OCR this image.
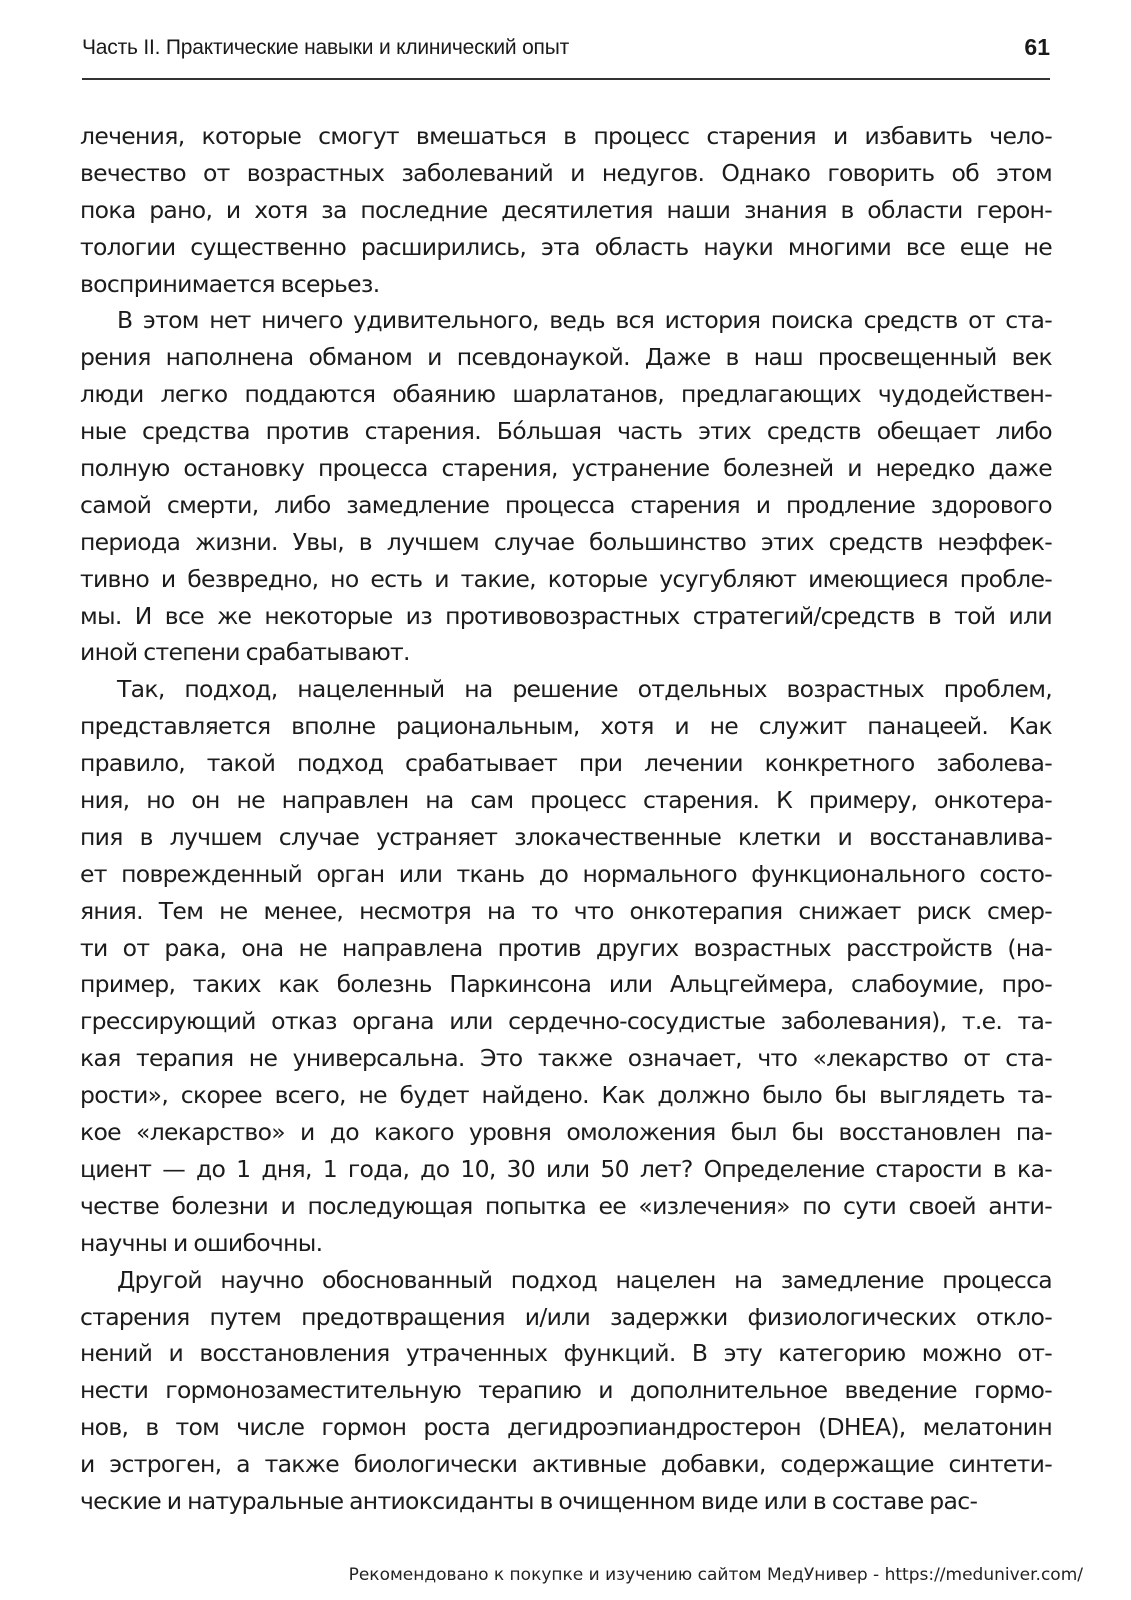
Часть II. Практические навыки и клинический опыт	61
лечения, которые смогут вмешаться в процесс старения и избавить чело-
вечество от возрастных заболеваний и недугов. Однако говорить об этом
пока рано, и хотя за последние десятилетия наши знания в области герон-
тологии существенно расширились, эта область науки многими все еще не
воспринимается всерьез.
В этом нет ничего удивительного, ведь вся история поиска средств от ста-
рения наполнена обманом и псевдонаукой. Даже в наш просвещенный век
люди легко поддаются обаянию шарлатанов, предлагающих чудодействен-
ные средства против старения. Бóльшая часть этих средств обещает либо
полную остановку процесса старения, устранение болезней и нередко даже
самой смерти, либо замедление процесса старения и продление здорового
периода жизни. Увы, в лучшем случае большинство этих средств неэффек-
тивно и безвредно, но есть и такие, которые усугубляют имеющиеся пробле-
мы. И все же некоторые из противовозрастных стратегий/средств в той или
иной степени срабатывают.
Так, подход, нацеленный на решение отдельных возрастных проблем,
представляется вполне рациональным, хотя и не служит панацеей. Как
правило, такой подход срабатывает при лечении конкретного заболева-
ния, но он не направлен на сам процесс старения. К примеру, онкотера-
пия в лучшем случае устраняет злокачественные клетки и восстанавлива-
ет поврежденный орган или ткань до нормального функционального состо-
яния. Тем не менее, несмотря на то что онкотерапия снижает риск смер-
ти от рака, она не направлена против других возрастных расстройств (на-
пример, таких как болезнь Паркинсона или Альцгеймера, слабоумие, про-
грессирующий отказ органа или сердечно-сосудистые заболевания), т.е. та-
кая терапия не универсальна. Это также означает, что «лекарство от ста-
рости», скорее всего, не будет найдено. Как должно было бы выглядеть та-
кое «лекарство» и до какого уровня омоложения был бы восстановлен па-
циент — до 1 дня, 1 года, до 10, 30 или 50 лет? Определение старости в ка-
честве болезни и последующая попытка ее «излечения» по сути своей анти-
научны и ошибочны.
Другой научно обоснованный подход нацелен на замедление процесса
старения путем предотвращения и/или задержки физиологических откло-
нений и восстановления утраченных функций. В эту категорию можно от-
нести гормонозаместительную терапию и дополнительное введение гормо-
нов, в том числе гормон роста дегидроэпиандростерон (DHEA), мелатонин
и эстроген, а также биологически активные добавки, содержащие синтети-
ческие и натуральные антиоксиданты в очищенном виде или в составе рас-
Рекомендовано к покупке и изучению сайтом МедУнивер - https://meduniver.com/
